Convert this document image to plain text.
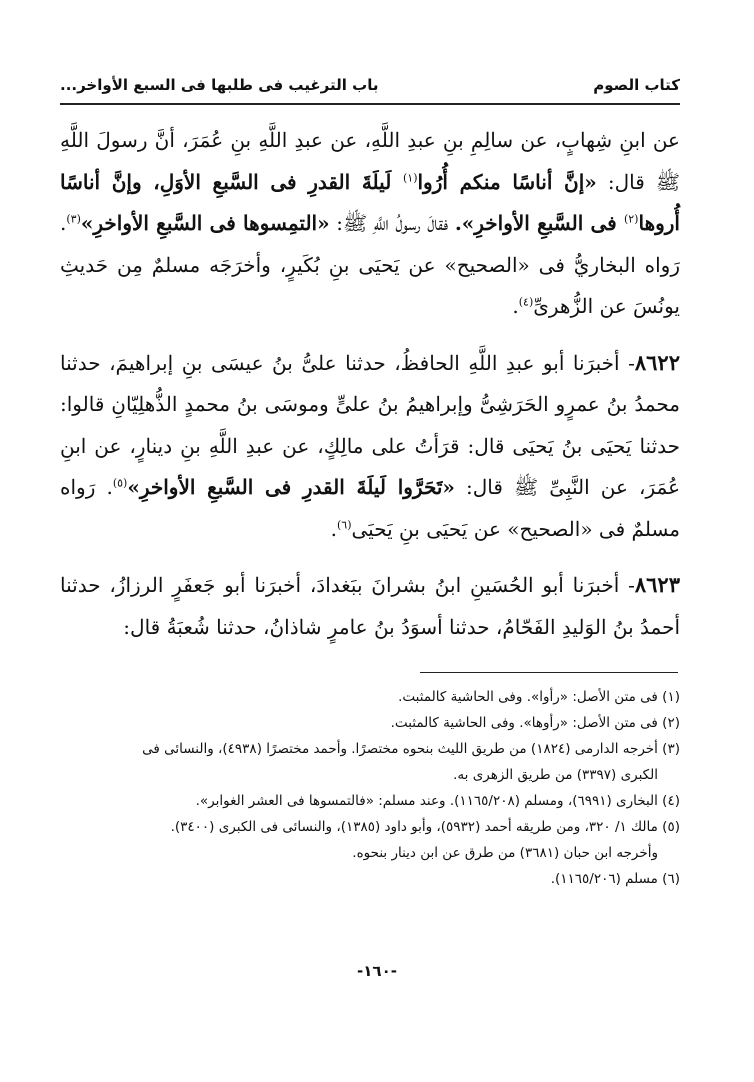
كتاب الصوم
باب الترغيب فى طلبها فى السبع الأواخر...

عن ابنِ شِهابٍ، عن سالِمِ بنِ عبدِ اللَّهِ، عن عبدِ اللَّهِ بنِ عُمَرَ، أنَّ رسولَ اللَّهِ ﷺ قال: «إنَّ أناسًا منكم أُرُوا$^{(١)}$ لَيلَةَ القدرِ فى السَّبعِ الأوَلِ، وإنَّ أناسًا أُروها$^{(٢)}$ فى السَّبعِ الأواخرِ». فقالَ رسولُ اللَّهِ ﷺ: «التمِسوها فى السَّبعِ الأواخرِ»$^{(٣)}$. رَواه البخاريُّ فى «الصحيح» عن يَحيَى بنِ بُكَيرٍ، وأخرَجَه مسلمٌ مِن حَديثِ يونُسَ عن الزُّهرىِّ$^{(٤)}$.

٨٦٢٢- أخبرَنا أبو عبدِ اللَّهِ الحافظُ، حدثنا علىُّ بنُ عيسَى بنِ إبراهيمَ، حدثنا محمدُ بنُ عمرٍو الحَرَشِىُّ وإبراهيمُ بنُ علىٍّ وموسَى بنُ محمدٍ الذُّهلِيّانِ قالوا: حدثنا يَحيَى بنُ يَحيَى قال: قرَأتُ على مالِكٍ، عن عبدِ اللَّهِ بنِ دينارٍ، عن ابنِ عُمَرَ، عن النَّبِىِّ ﷺ قال: «تَحَرَّوا لَيلَةَ القدرِ فى السَّبعِ الأواخرِ»$^{(٥)}$. رَواه مسلمٌ فى «الصحيح» عن يَحيَى بنِ يَحيَى$^{(٦)}$.

٨٦٢٣- أخبرَنا أبو الحُسَينِ ابنُ بشرانَ ببَغدادَ، أخبرَنا أبو جَعفَرٍ الرزازُ، حدثنا أحمدُ بنُ الوَليدِ الفَحّامُ، حدثنا أسوَدُ بنُ عامرٍ شاذانُ، حدثنا شُعبَةُ قال:

(١) فى متن الأصل: «رأوا». وفى الحاشية كالمثبت.

(٢) فى متن الأصل: «رأوها». وفى الحاشية كالمثبت.

(٣) أخرجه الدارمى (١٨٢٤) من طريق الليث بنحوه مختصرًا. وأحمد مختصرًا (٤٩٣٨)، والنسائى فى

الكبرى (٣٣٩٧) من طريق الزهرى به.

(٤) البخارى (٦٩٩١)، ومسلم (١١٦٥/٢٠٨). وعند مسلم: «فالتمسوها فى العشر الغوابر».

(٥) مالك ١/ ٣٢٠، ومن طريقه أحمد (٥٩٣٢)، وأبو داود (١٣٨٥)، والنسائى فى الكبرى (٣٤٠٠).

وأخرجه ابن حبان (٣٦٨١) من طرق عن ابن دينار بنحوه.

(٦) مسلم (١١٦٥/٢٠٦).

-١٦٠-
